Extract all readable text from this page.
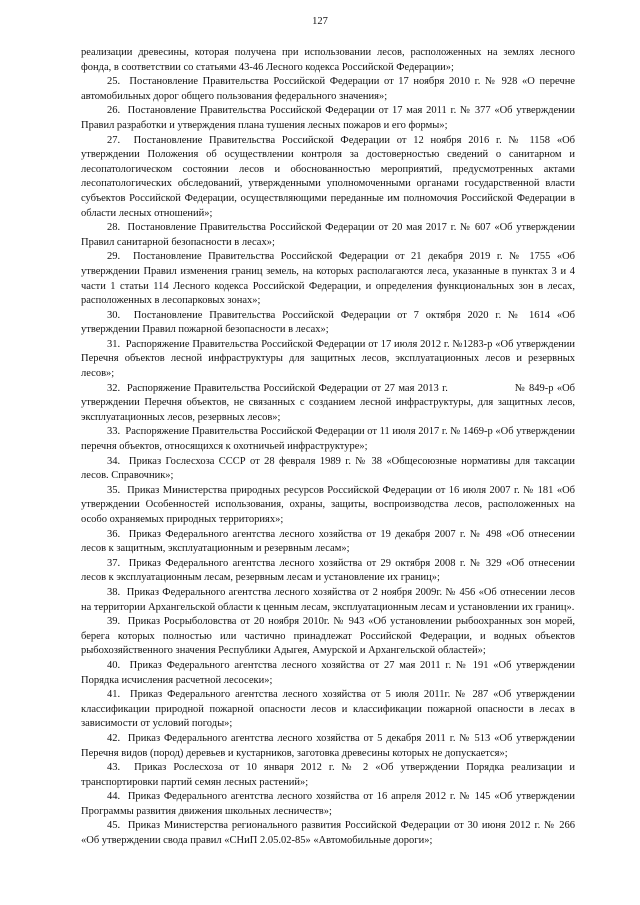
127

реализации древесины, которая получена при использовании лесов, расположенных на землях лесного фонда, в соответствии со статьями 43-46 Лесного кодекса Российской Федерации»;

25.  Постановление Правительства Российской Федерации от 17 ноября 2010 г. № 928 «О перечне автомобильных дорог общего пользования федерального значения»;

26.  Постановление Правительства Российской Федерации от 17 мая 2011 г. № 377 «Об утверждении Правил разработки и утверждения плана тушения лесных пожаров и его формы»;

27.  Постановление Правительства Российской Федерации от 12 ноября 2016 г. № 1158 «Об утверждении Положения об осуществлении контроля за достоверностью сведений о санитарном и лесопатологическом состоянии лесов и обоснованностью мероприятий, предусмотренных актами лесопатологических обследований, утвержденными уполномоченными органами государственной власти субъектов Российской Федерации, осуществляющими переданные им полномочия Российской Федерации в области лесных отношений»;

28.  Постановление Правительства Российской Федерации от 20 мая 2017 г. № 607 «Об утверждении Правил санитарной безопасности в лесах»;

29.  Постановление Правительства Российской Федерации от 21 декабря 2019 г. № 1755 «Об утверждении Правил изменения границ земель, на которых располагаются леса, указанные в пунктах 3 и 4 части 1 статьи 114 Лесного кодекса Российской Федерации, и определения функциональных зон в лесах, расположенных в лесопарковых зонах»;

30.  Постановление Правительства Российской Федерации от 7 октября 2020 г. № 1614 «Об утверждении Правил пожарной безопасности в лесах»;

31.  Распоряжение Правительства Российской Федерации от 17 июля 2012 г. №1283-р «Об утверждении Перечня объектов лесной инфраструктуры для защитных лесов, эксплуатационных лесов и резервных лесов»;

32.  Распоряжение Правительства Российской Федерации от 27 мая 2013 г.                    № 849-р «Об утверждении Перечня объектов, не связанных с созданием лесной инфраструктуры, для защитных лесов, эксплуатационных лесов, резервных лесов»;

33.  Распоряжение Правительства Российской Федерации от 11 июля 2017 г. № 1469-р «Об утверждении перечня объектов, относящихся к охотничьей инфраструктуре»;

34.  Приказ Гослесхоза СССР от 28 февраля 1989 г. № 38 «Общесоюзные нормативы для таксации лесов. Справочник»;

35.  Приказ Министерства природных ресурсов Российской Федерации от 16 июля 2007 г. № 181 «Об утверждении Особенностей использования, охраны, защиты, воспроизводства лесов, расположенных на особо охраняемых природных территориях»;

36.  Приказ Федерального агентства лесного хозяйства от 19 декабря 2007 г. № 498 «Об отнесении лесов к защитным, эксплуатационным и резервным лесам»;

37.  Приказ Федерального агентства лесного хозяйства от 29 октября 2008 г. № 329 «Об отнесении лесов к эксплуатационным лесам, резервным лесам и установление их границ»;

38.  Приказ Федерального агентства лесного хозяйства от 2 ноября 2009г. № 456 «Об отнесении лесов на территории Архангельской области к ценным лесам, эксплуатационным лесам и установлении их границ».

39.  Приказ Росрыболовства от 20 ноября 2010г. № 943 «Об установлении рыбоохранных зон морей, берега которых полностью или частично принадлежат Российской Федерации, и водных объектов рыбохозяйственного значения Республики Адыгея, Амурской и Архангельской областей»;

40.  Приказ Федерального агентства лесного хозяйства от 27 мая 2011 г. № 191 «Об утверждении Порядка исчисления расчетной лесосеки»;

41.  Приказ Федерального агентства лесного хозяйства от 5 июля 2011г. № 287 «Об утверждении классификации природной пожарной опасности лесов и классификации пожарной опасности в лесах в зависимости от условий погоды»;

42.  Приказ Федерального агентства лесного хозяйства от 5 декабря 2011 г. № 513 «Об утверждении Перечня видов (пород) деревьев и кустарников, заготовка древесины которых не допускается»;

43.  Приказ Рослесхоза от 10 января 2012 г. № 2 «Об утверждении Порядка реализации и транспортировки партий семян лесных растений»;

44.  Приказ Федерального агентства лесного хозяйства от 16 апреля 2012 г. № 145 «Об утверждении Программы развития движения школьных лесничеств»;

45.  Приказ Министерства регионального развития Российской Федерации от 30 июня 2012 г. № 266 «Об утверждении свода правил «СНиП 2.05.02-85» «Автомобильные дороги»;
